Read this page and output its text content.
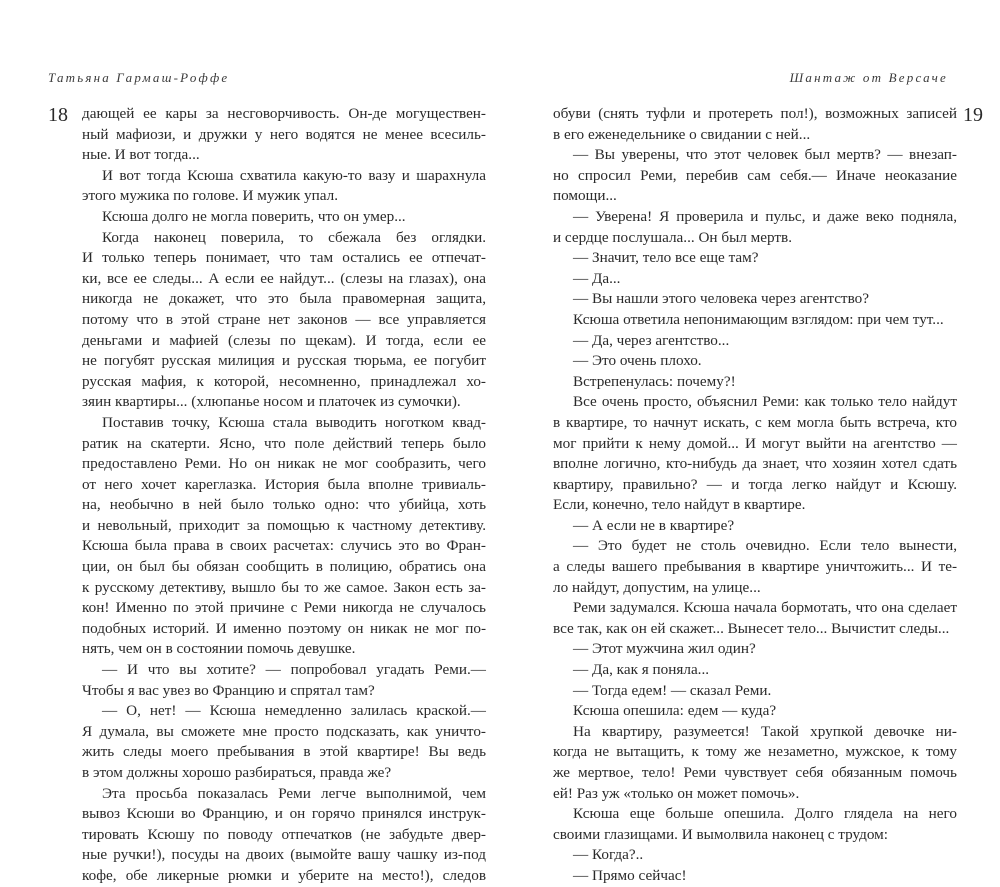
Татьяна Гармаш-Роффе
18 дающей ее кары за несговорчивость. Он-де могуществен-
ный мафиози, и дружки у него водятся не менее всесиль-
ные. И вот тогда...
И вот тогда Ксюша схватила какую-то вазу и шарахнула
этого мужика по голове. И мужик упал.
Ксюша долго не могла поверить, что он умер...
Когда наконец поверила, то сбежала без оглядки.
И только теперь понимает, что там остались ее отпечат-
ки, все ее следы... А если ее найдут... (слезы на глазах), она
никогда не докажет, что это была правомерная защита,
потому что в этой стране нет законов — все управляется
деньгами и мафией (слезы по щекам). И тогда, если ее
не погубят русская милиция и русская тюрьма, ее погубит
русская мафия, к которой, несомненно, принадлежал хо-
зяин квартиры... (хлюпанье носом и платочек из сумочки).
Поставив точку, Ксюша стала выводить ноготком квад-
ратик на скатерти. Ясно, что поле действий теперь было
предоставлено Реми. Но он никак не мог сообразить, чего
от него хочет кареглазка. История была вполне тривиаль-
на, необычно в ней было только одно: что убийца, хоть
и невольный, приходит за помощью к частному детективу.
Ксюша была права в своих расчетах: случись это во Фран-
ции, он был бы обязан сообщить в полицию, обратись она
к русскому детективу, вышло бы то же самое. Закон есть за-
кон! Именно по этой причине с Реми никогда не случалось
подобных историй. И именно поэтому он никак не мог по-
нять, чем он в состоянии помочь девушке.
— И что вы хотите? — попробовал угадать Реми.—
Чтобы я вас увез во Францию и спрятал там?
— О, нет! — Ксюша немедленно залилась краской.—
Я думала, вы сможете мне просто подсказать, как уничто-
жить следы моего пребывания в этой квартире! Вы ведь
в этом должны хорошо разбираться, правда же?
Эта просьба показалась Реми легче выполнимой, чем
вывоз Ксюши во Францию, и он горячо принялся инструк-
тировать Ксюшу по поводу отпечатков (не забудьте двер-
ные ручки!), посуды на двоих (вымойте вашу чашку из-под
кофе, обе ликерные рюмки и уберите на место!), следов
Шантаж от Версаче
19
обуви (снять туфли и протереть пол!), возможных записей
в его еженедельнике о свидании с ней...
— Вы уверены, что этот человек был мертв? — внезап-
но спросил Реми, перебив сам себя.— Иначе неоказание
помощи...
— Уверена! Я проверила и пульс, и даже веко подняла,
и сердце послушала... Он был мертв.
— Значит, тело все еще там?
— Да...
— Вы нашли этого человека через агентство?
Ксюша ответила непонимающим взглядом: при чем тут...
— Да, через агентство...
— Это очень плохо.
Встрепенулась: почему?!
Все очень просто, объяснил Реми: как только тело найдут
в квартире, то начнут искать, с кем могла быть встреча, кто
мог прийти к нему домой... И могут выйти на агентство —
вполне логично, кто-нибудь да знает, что хозяин хотел сдать
квартиру, правильно? — и тогда легко найдут и Ксюшу.
Если, конечно, тело найдут в квартире.
— А если не в квартире?
— Это будет не столь очевидно. Если тело вынести,
а следы вашего пребывания в квартире уничтожить... И те-
ло найдут, допустим, на улице...
Реми задумался. Ксюша начала бормотать, что она сделает
все так, как он ей скажет... Вынесет тело... Вычистит следы...
— Этот мужчина жил один?
— Да, как я поняла...
— Тогда едем! — сказал Реми.
Ксюша опешила: едем — куда?
На квартиру, разумеется! Такой хрупкой девочке ни-
когда не вытащить, к тому же незаметно, мужское, к тому
же мертвое, тело! Реми чувствует себя обязанным помочь
ей! Раз уж «только он может помочь».
Ксюша еще больше опешила. Долго глядела на него
своими глазищами. И вымолвила наконец с трудом:
— Когда?..
— Прямо сейчас!
